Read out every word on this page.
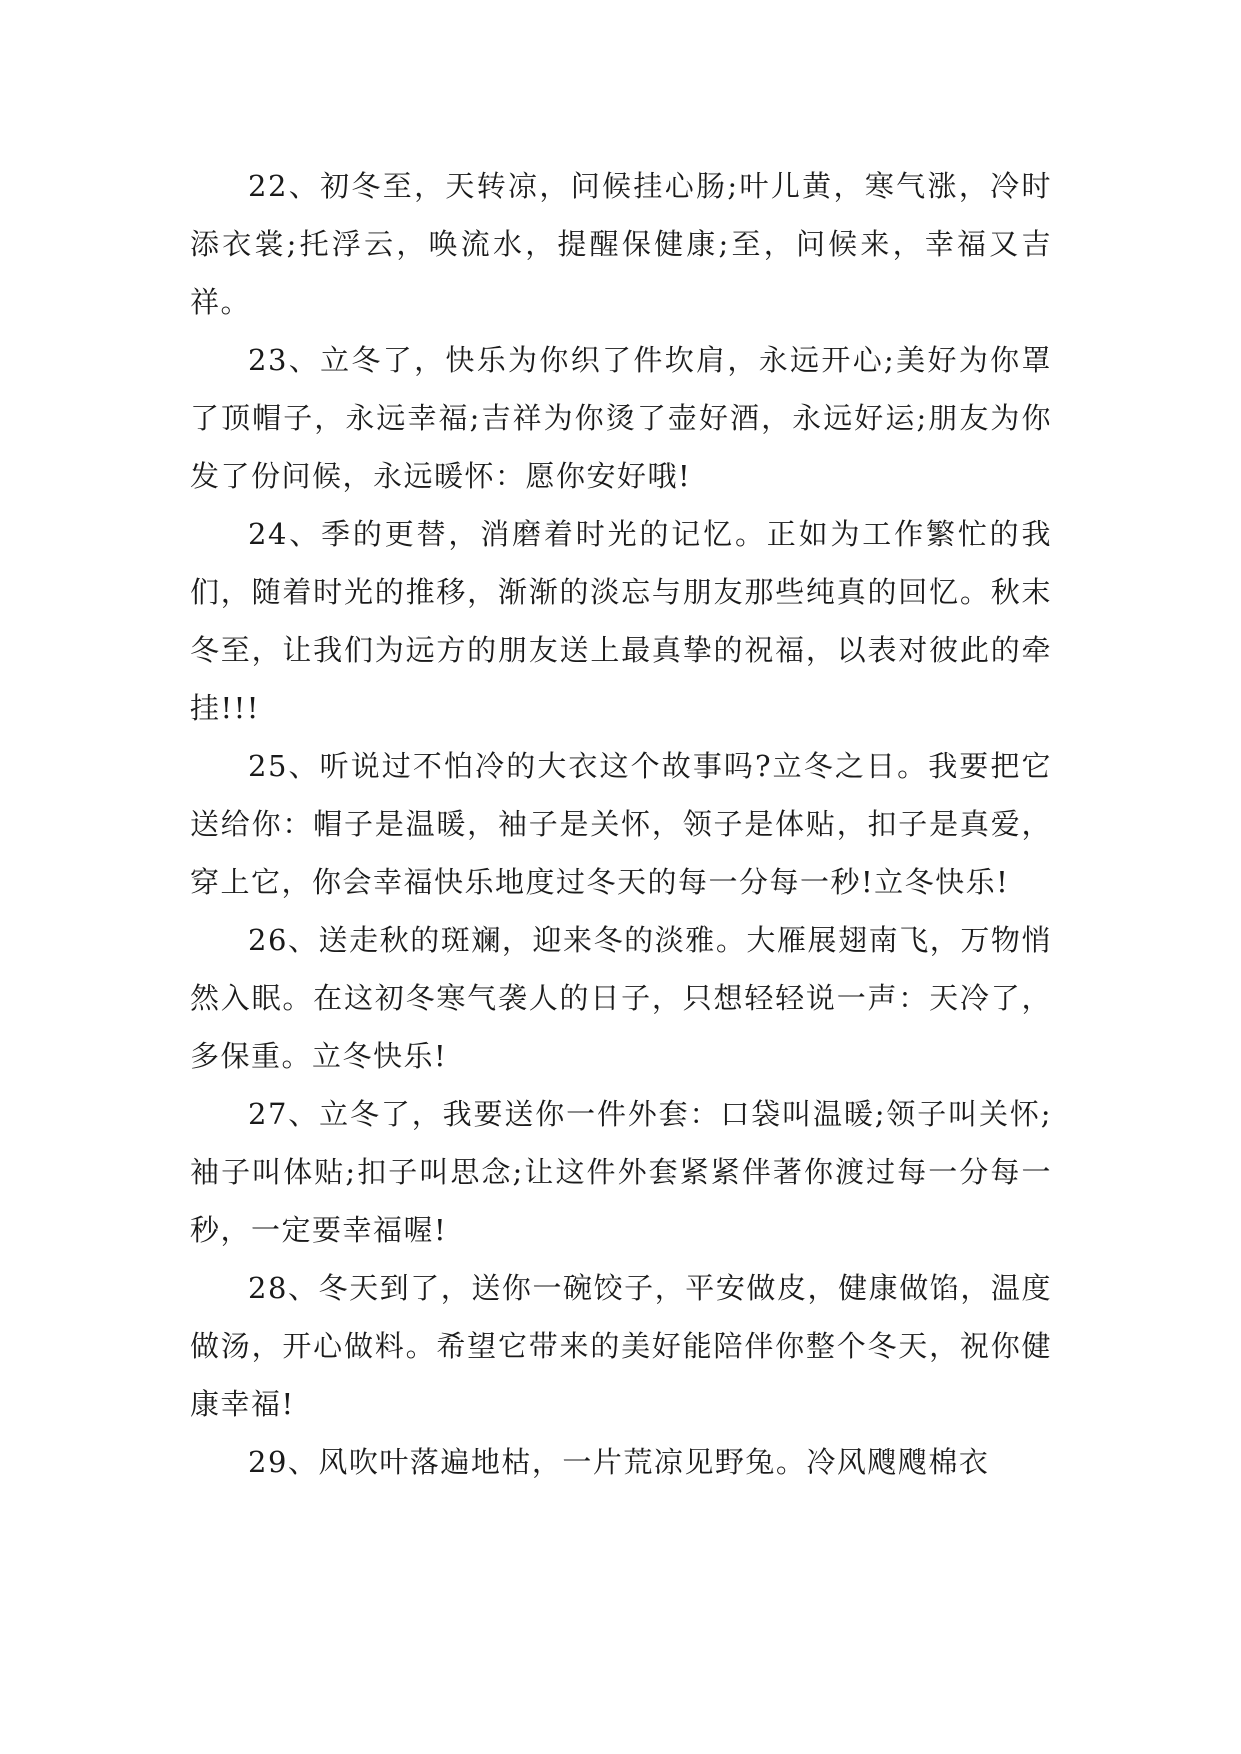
22、初冬至，天转凉，问候挂心肠;叶儿黄，寒气涨，冷时添衣裳;托浮云，唤流水，提醒保健康;至，问候来，幸福又吉祥。

23、立冬了，快乐为你织了件坎肩，永远开心;美好为你罩了顶帽子，永远幸福;吉祥为你烫了壶好酒，永远好运;朋友为你发了份问候，永远暖怀：愿你安好哦!

24、季的更替，消磨着时光的记忆。正如为工作繁忙的我们，随着时光的推移，渐渐的淡忘与朋友那些纯真的回忆。秋末冬至，让我们为远方的朋友送上最真挚的祝福，以表对彼此的牵挂!!!

25、听说过不怕冷的大衣这个故事吗?立冬之日。我要把它送给你：帽子是温暖，袖子是关怀，领子是体贴，扣子是真爱，穿上它，你会幸福快乐地度过冬天的每一分每一秒!立冬快乐!

26、送走秋的斑斓，迎来冬的淡雅。大雁展翅南飞，万物悄然入眠。在这初冬寒气袭人的日子，只想轻轻说一声：天冷了，多保重。立冬快乐!

27、立冬了，我要送你一件外套：口袋叫温暖;领子叫关怀;袖子叫体贴;扣子叫思念;让这件外套紧紧伴著你渡过每一分每一秒，一定要幸福喔!

28、冬天到了，送你一碗饺子，平安做皮，健康做馅，温度做汤，开心做料。希望它带来的美好能陪伴你整个冬天，祝你健康幸福!

29、风吹叶落遍地枯，一片荒凉见野兔。冷风飕飕棉衣
